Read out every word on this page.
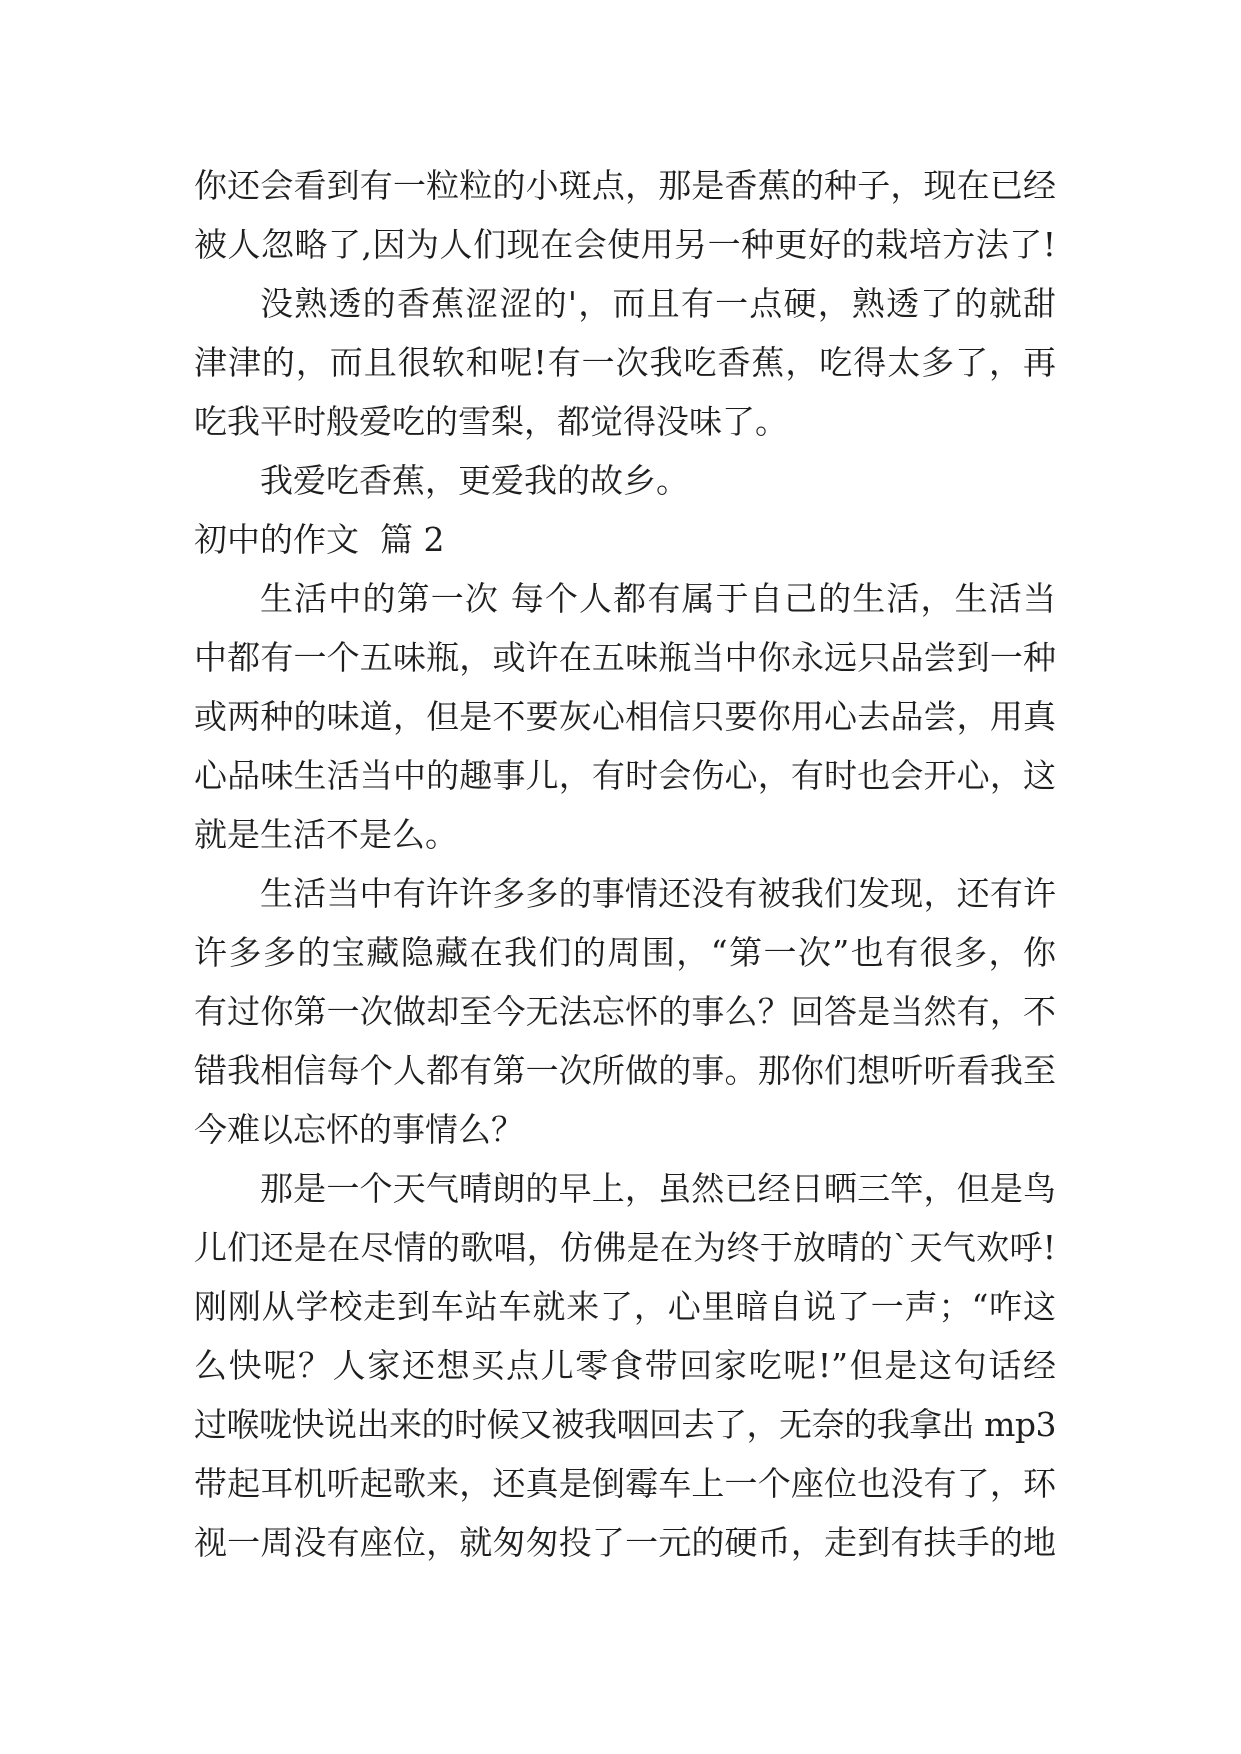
你还会看到有一粒粒的小斑点，那是香蕉的种子，现在已经
被人忽略了,因为人们现在会使用另一种更好的栽培方法了!
没熟透的香蕉涩涩的'，而且有一点硬，熟透了的就甜
津津的，而且很软和呢!有一次我吃香蕉，吃得太多了，再
吃我平时般爱吃的雪梨，都觉得没味了。
我爱吃香蕉，更爱我的故乡。
初中的作文  篇 2
生活中的第一次 每个人都有属于自己的生活，生活当
中都有一个五味瓶，或许在五味瓶当中你永远只品尝到一种
或两种的味道，但是不要灰心相信只要你用心去品尝，用真
心品味生活当中的趣事儿，有时会伤心，有时也会开心，这
就是生活不是么。
生活当中有许许多多的事情还没有被我们发现，还有许
许多多的宝藏隐藏在我们的周围，“第一次”也有很多，你
有过你第一次做却至今无法忘怀的事么？回答是当然有，不
错我相信每个人都有第一次所做的事。那你们想听听看我至
今难以忘怀的事情么？
那是一个天气晴朗的早上，虽然已经日晒三竿，但是鸟
儿们还是在尽情的歌唱，仿佛是在为终于放晴的`天气欢呼!
刚刚从学校走到车站车就来了，心里暗自说了一声；“咋这
么快呢？人家还想买点儿零食带回家吃呢!”但是这句话经
过喉咙快说出来的时候又被我咽回去了，无奈的我拿出 mp3
带起耳机听起歌来，还真是倒霉车上一个座位也没有了，环
视一周没有座位，就匆匆投了一元的硬币，走到有扶手的地
